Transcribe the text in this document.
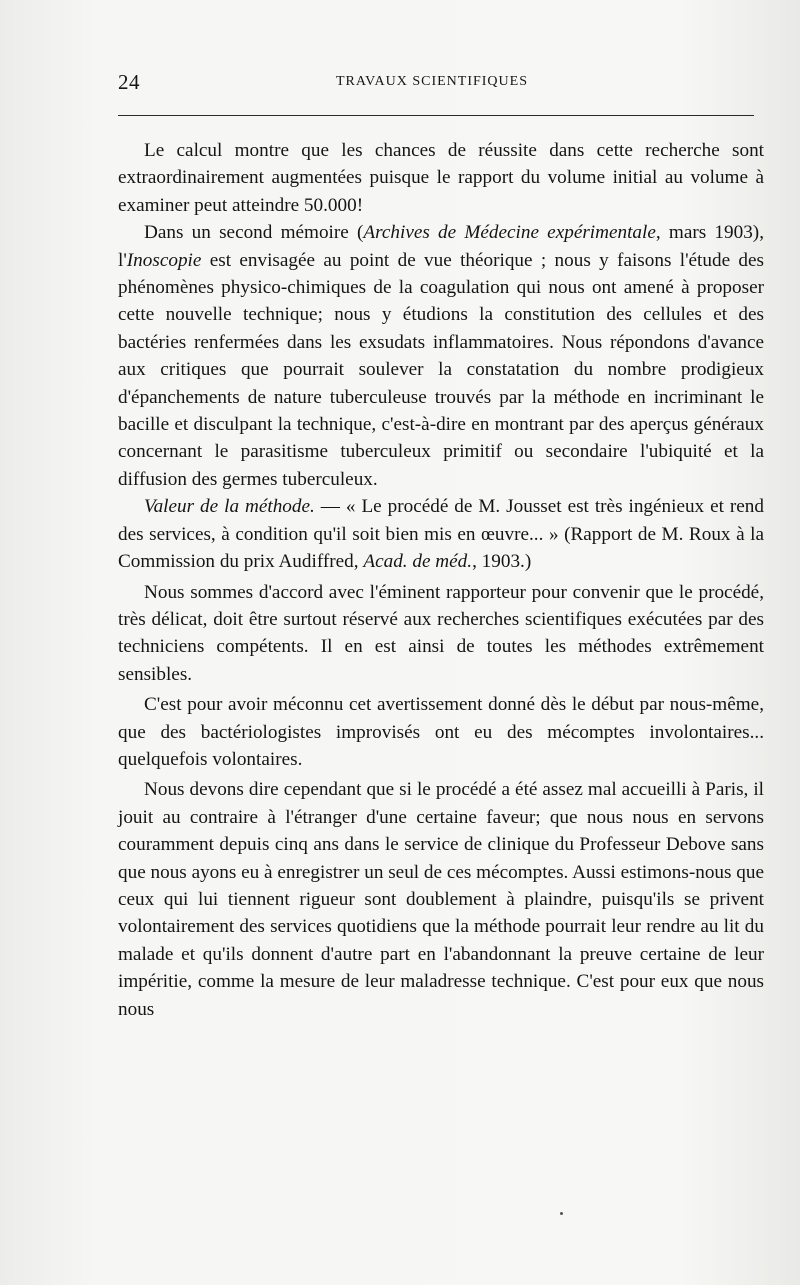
24	TRAVAUX SCIENTIFIQUES

Le calcul montre que les chances de réussite dans cette recherche sont extraordinairement augmentées puisque le rapport du volume initial au volume à examiner peut atteindre 50.000!

Dans un second mémoire (Archives de Médecine expérimentale, mars 1903), l'Inoscopie est envisagée au point de vue théorique ; nous y faisons l'étude des phénomènes physico-chimiques de la coagulation qui nous ont amené à proposer cette nouvelle technique; nous y étudions la constitution des cellules et des bactéries renfermées dans les exsudats inflammatoires. Nous répondons d'avance aux critiques que pourrait soulever la constatation du nombre prodigieux d'épanchements de nature tuberculeuse trouvés par la méthode en incriminant le bacille et disculpant la technique, c'est-à-dire en montrant par des aperçus généraux concernant le parasitisme tuberculeux primitif ou secondaire l'ubiquité et la diffusion des germes tuberculeux.

Valeur de la méthode. — « Le procédé de M. Jousset est très ingénieux et rend des services, à condition qu'il soit bien mis en œuvre... » (Rapport de M. Roux à la Commission du prix Audiffred, Acad. de méd., 1903.)

Nous sommes d'accord avec l'éminent rapporteur pour convenir que le procédé, très délicat, doit être surtout réservé aux recherches scientifiques exécutées par des techniciens compétents. Il en est ainsi de toutes les méthodes extrêmement sensibles.

C'est pour avoir méconnu cet avertissement donné dès le début par nous-même, que des bactériologistes improvisés ont eu des mécomptes involontaires... quelquefois volontaires.

Nous devons dire cependant que si le procédé a été assez mal accueilli à Paris, il jouit au contraire à l'étranger d'une certaine faveur; que nous nous en servons couramment depuis cinq ans dans le service de clinique du Professeur Debove sans que nous ayons eu à enregistrer un seul de ces mécomptes. Aussi estimons-nous que ceux qui lui tiennent rigueur sont doublement à plaindre, puisqu'ils se privent volontairement des services quotidiens que la méthode pourrait leur rendre au lit du malade et qu'ils donnent d'autre part en l'abandonnant la preuve certaine de leur impéritie, comme la mesure de leur maladresse technique. C'est pour eux que nous nous
